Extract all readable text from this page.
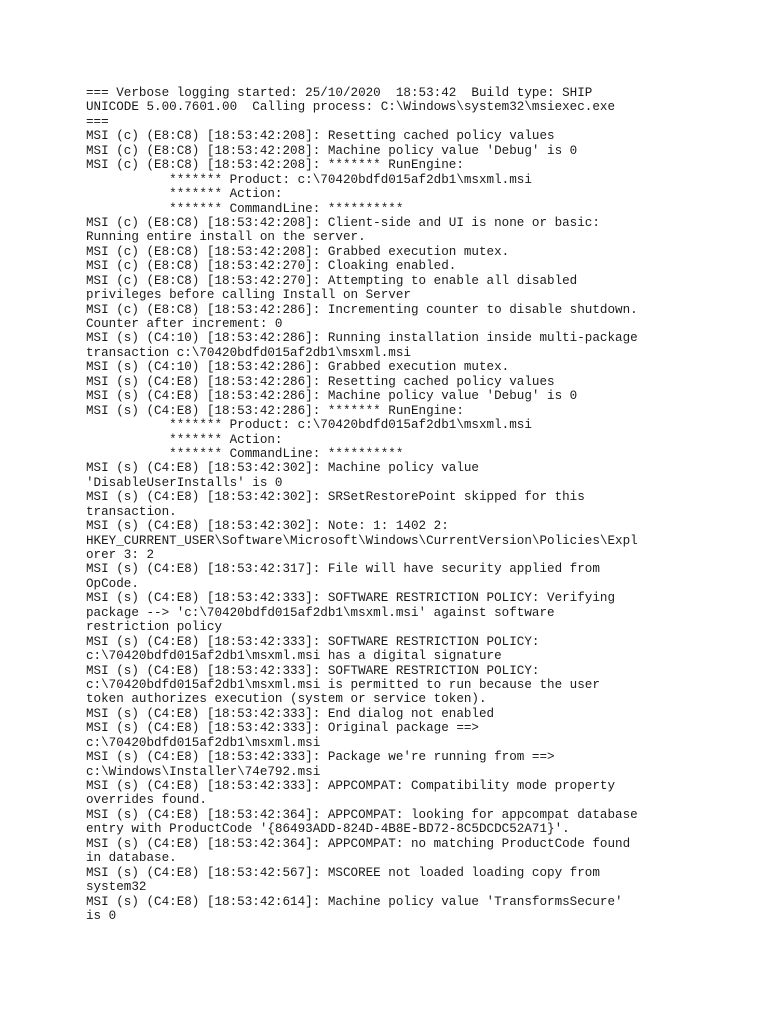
=== Verbose logging started: 25/10/2020  18:53:42  Build type: SHIP
UNICODE 5.00.7601.00  Calling process: C:\Windows\system32\msiexec.exe
===
MSI (c) (E8:C8) [18:53:42:208]: Resetting cached policy values
MSI (c) (E8:C8) [18:53:42:208]: Machine policy value 'Debug' is 0
MSI (c) (E8:C8) [18:53:42:208]: ******* RunEngine:
******* Product: c:\70420bdfd015af2db1\msxml.msi
******* Action:
******* CommandLine: **********
MSI (c) (E8:C8) [18:53:42:208]: Client-side and UI is none or basic:
Running entire install on the server.
MSI (c) (E8:C8) [18:53:42:208]: Grabbed execution mutex.
MSI (c) (E8:C8) [18:53:42:270]: Cloaking enabled.
MSI (c) (E8:C8) [18:53:42:270]: Attempting to enable all disabled
privileges before calling Install on Server
MSI (c) (E8:C8) [18:53:42:286]: Incrementing counter to disable shutdown.
Counter after increment: 0
MSI (s) (C4:10) [18:53:42:286]: Running installation inside multi-package
transaction c:\70420bdfd015af2db1\msxml.msi
MSI (s) (C4:10) [18:53:42:286]: Grabbed execution mutex.
MSI (s) (C4:E8) [18:53:42:286]: Resetting cached policy values
MSI (s) (C4:E8) [18:53:42:286]: Machine policy value 'Debug' is 0
MSI (s) (C4:E8) [18:53:42:286]: ******* RunEngine:
******* Product: c:\70420bdfd015af2db1\msxml.msi
******* Action:
******* CommandLine: **********
MSI (s) (C4:E8) [18:53:42:302]: Machine policy value
'DisableUserInstalls' is 0
MSI (s) (C4:E8) [18:53:42:302]: SRSetRestorePoint skipped for this
transaction.
MSI (s) (C4:E8) [18:53:42:302]: Note: 1: 1402 2:
HKEY_CURRENT_USER\Software\Microsoft\Windows\CurrentVersion\Policies\Expl
orer 3: 2
MSI (s) (C4:E8) [18:53:42:317]: File will have security applied from
OpCode.
MSI (s) (C4:E8) [18:53:42:333]: SOFTWARE RESTRICTION POLICY: Verifying
package --> 'c:\70420bdfd015af2db1\msxml.msi' against software
restriction policy
MSI (s) (C4:E8) [18:53:42:333]: SOFTWARE RESTRICTION POLICY:
c:\70420bdfd015af2db1\msxml.msi has a digital signature
MSI (s) (C4:E8) [18:53:42:333]: SOFTWARE RESTRICTION POLICY:
c:\70420bdfd015af2db1\msxml.msi is permitted to run because the user
token authorizes execution (system or service token).
MSI (s) (C4:E8) [18:53:42:333]: End dialog not enabled
MSI (s) (C4:E8) [18:53:42:333]: Original package ==>
c:\70420bdfd015af2db1\msxml.msi
MSI (s) (C4:E8) [18:53:42:333]: Package we're running from ==>
c:\Windows\Installer\74e792.msi
MSI (s) (C4:E8) [18:53:42:333]: APPCOMPAT: Compatibility mode property
overrides found.
MSI (s) (C4:E8) [18:53:42:364]: APPCOMPAT: looking for appcompat database
entry with ProductCode '{86493ADD-824D-4B8E-BD72-8C5DCDC52A71}'.
MSI (s) (C4:E8) [18:53:42:364]: APPCOMPAT: no matching ProductCode found
in database.
MSI (s) (C4:E8) [18:53:42:567]: MSCOREE not loaded loading copy from
system32
MSI (s) (C4:E8) [18:53:42:614]: Machine policy value 'TransformsSecure'
is 0
